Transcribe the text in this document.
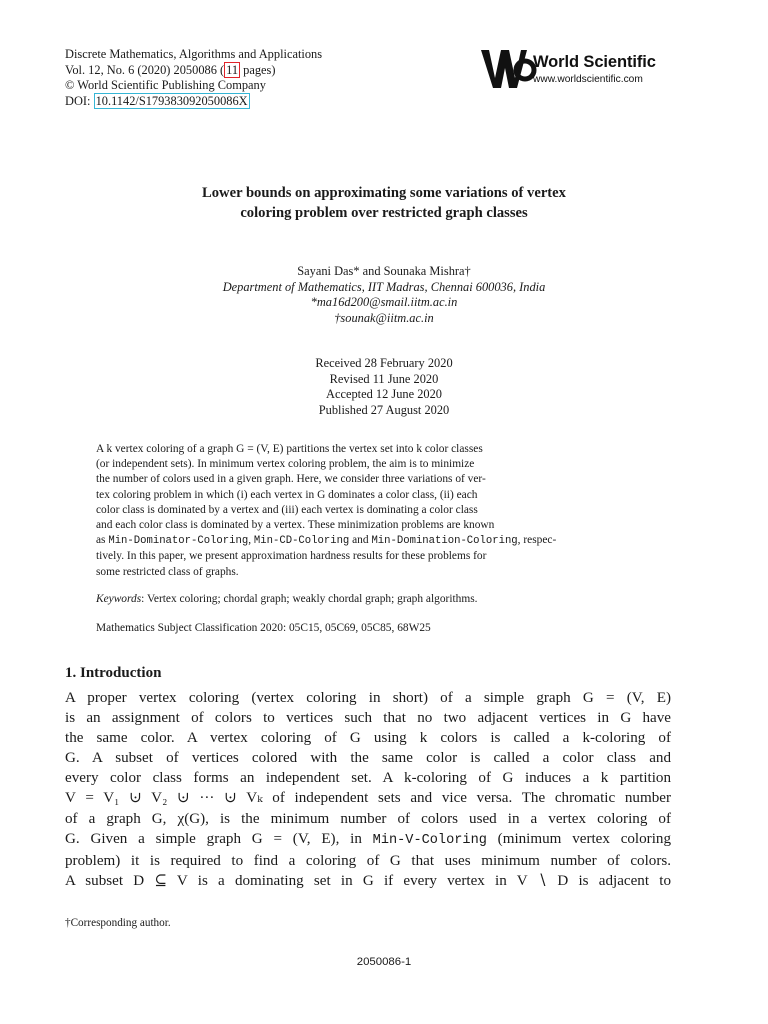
Discrete Mathematics, Algorithms and Applications
Vol. 12, No. 6 (2020) 2050086 ( 11 pages)
© World Scientific Publishing Company
DOI: 10.1142/S179383092050086X
World Scientific
www.worldscientific.com
Lower bounds on approximating some variations of vertex
coloring problem over restricted graph classes
Sayani Das* and Sounaka Mishra†
Department of Mathematics, IIT Madras, Chennai 600036, India
*ma16d200@smail.iitm.ac.in
†sounak@iitm.ac.in
Received 28 February 2020
Revised 11 June 2020
Accepted 12 June 2020
Published 27 August 2020
A k vertex coloring of a graph G = (V, E) partitions the vertex set into k color classes
(or independent sets). In minimum vertex coloring problem, the aim is to minimize
the number of colors used in a given graph. Here, we consider three variations of ver-
tex coloring problem in which (i) each vertex in G dominates a color class, (ii) each
color class is dominated by a vertex and (iii) each vertex is dominating a color class
and each color class is dominated by a vertex. These minimization problems are known
as Min-Dominator-Coloring, Min-CD-Coloring and Min-Domination-Coloring, respec-
tively. In this paper, we present approximation hardness results for these problems for
some restricted class of graphs.
Keywords: Vertex coloring; chordal graph; weakly chordal graph; graph algorithms.
Mathematics Subject Classification 2020: 05C15, 05C69, 05C85, 68W25
1. Introduction
A proper vertex coloring (vertex coloring in short) of a simple graph G = (V, E)
is an assignment of colors to vertices such that no two adjacent vertices in G have
the same color. A vertex coloring of G using k colors is called a k-coloring of
G. A subset of vertices colored with the same color is called a color class and
every color class forms an independent set. A k-coloring of G induces a k partition
V = V₁ ⊍ V₂ ⊍ ··· ⊍ Vₖ of independent sets and vice versa. The chromatic number
of a graph G, χ(G), is the minimum number of colors used in a vertex coloring of
G. Given a simple graph G = (V, E), in Min-V-Coloring (minimum vertex coloring
problem) it is required to find a coloring of G that uses minimum number of colors.
A subset D ⊆ V is a dominating set in G if every vertex in V ∖ D is adjacent to
†Corresponding author.
2050086-1
